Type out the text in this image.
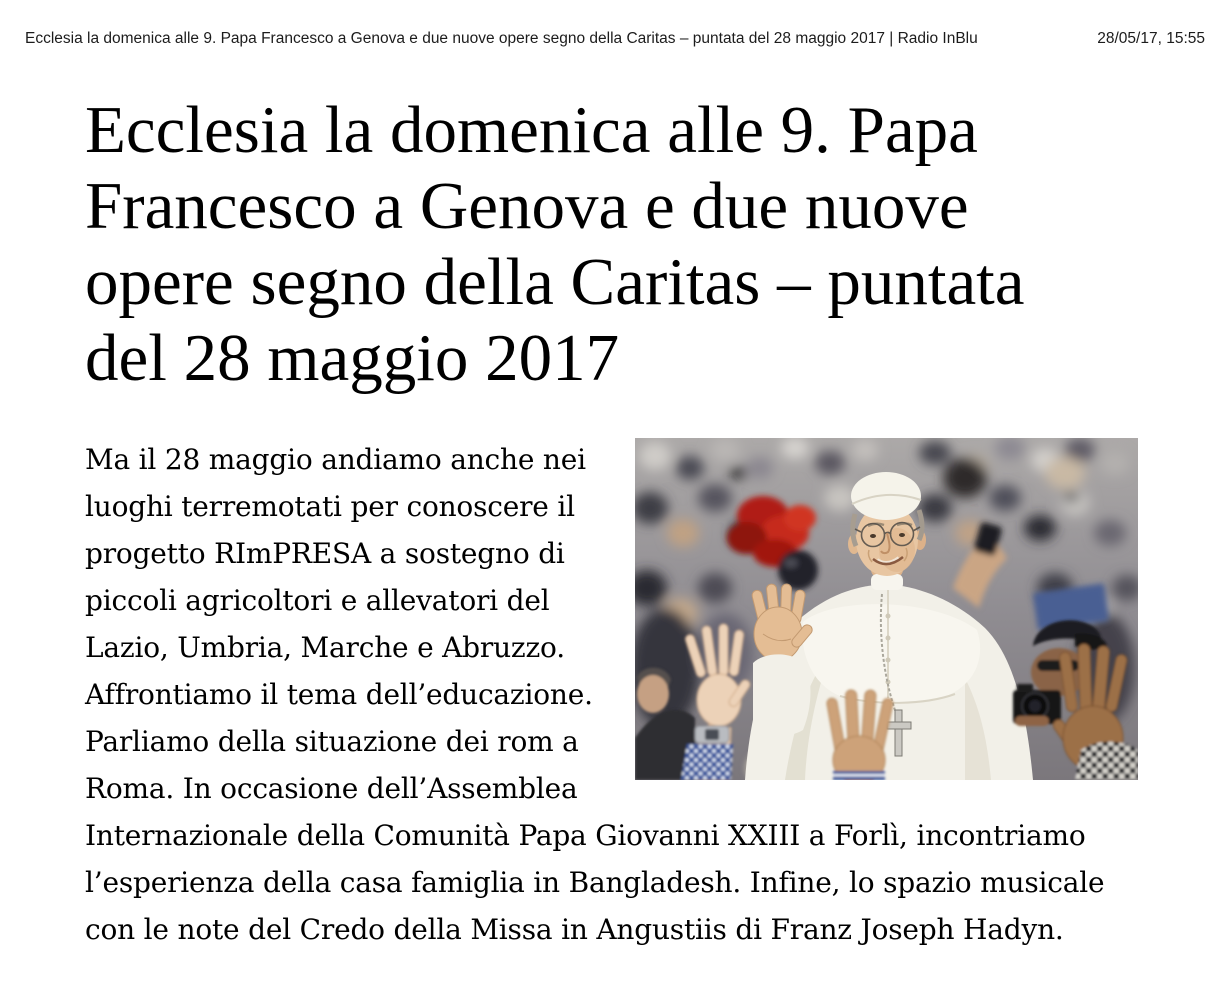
Ecclesia la domenica alle 9. Papa Francesco a Genova e due nuove opere segno della Caritas – puntata del 28 maggio 2017 | Radio InBlu	28/05/17, 15:55
Ecclesia la domenica alle 9. Papa
Francesco a Genova e due nuove
opere segno della Caritas – puntata
del 28 maggio 2017

Ma il 28 maggio andiamo anche nei luoghi terremotati per conoscere il progetto RImPRESA a sostegno di piccoli agricoltori e allevatori del Lazio, Umbria, Marche e Abruzzo. Affrontiamo il tema dell’educazione. Parliamo della situazione dei rom a Roma. In occasione dell’Assemblea Internazionale della Comunità Papa Giovanni XXIII a Forlì, incontriamo l’esperienza della casa famiglia in Bangladesh. Infine, lo spazio musicale con le note del Credo della Missa in Angustiis di Franz Joseph Hadyn.
